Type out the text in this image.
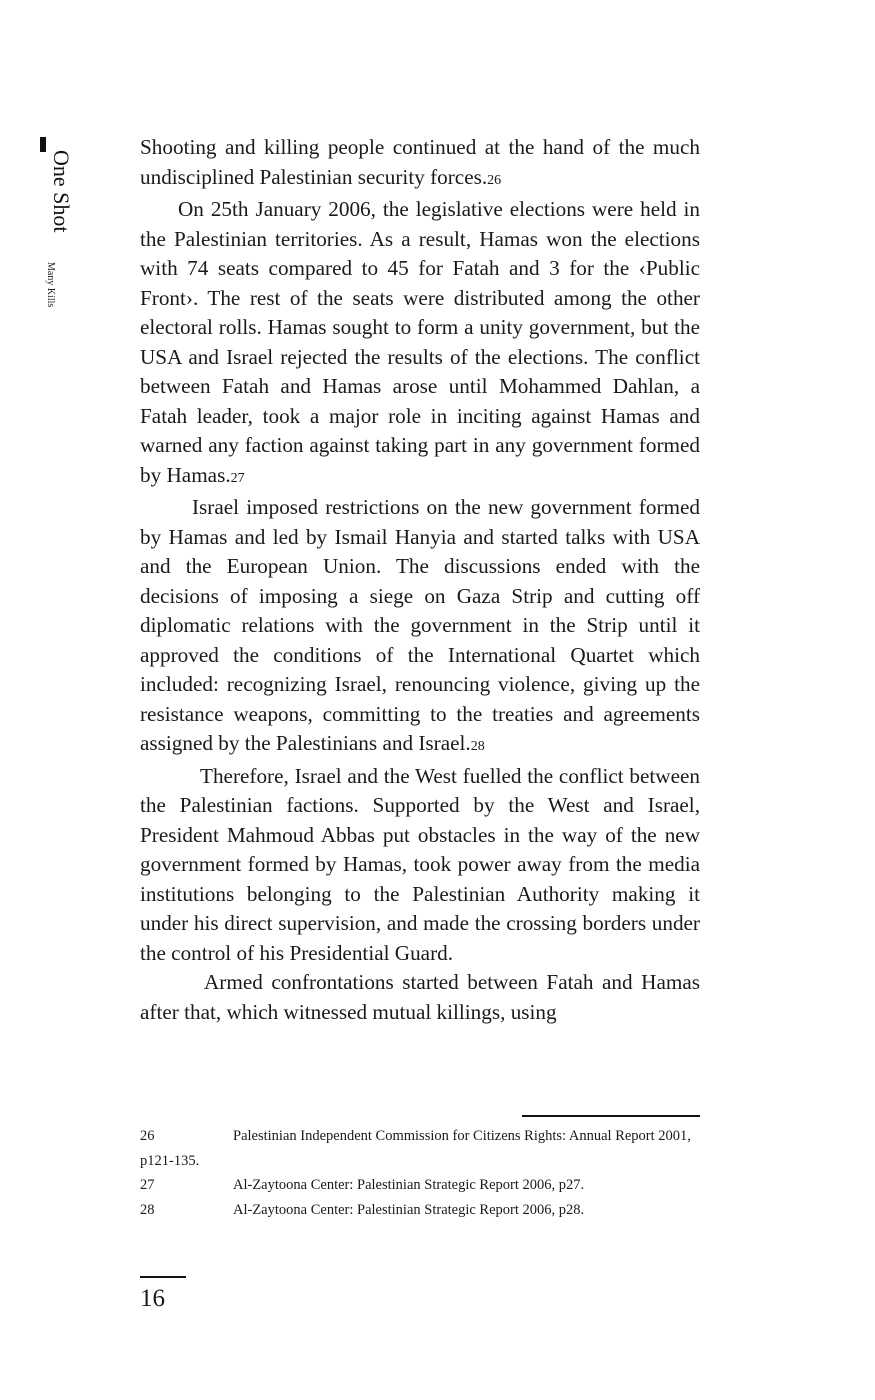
One Shot
Many Kills

Shooting and killing people continued at the hand of the much undisciplined Palestinian security forces.26

On 25th January 2006, the legislative elections were held in the Palestinian territories. As a result, Hamas won the elections with 74 seats compared to 45 for Fatah and 3 for the ‹Public Front›. The rest of the seats were distributed among the other electoral rolls. Hamas sought to form a unity government, but the USA and Israel rejected the results of the elections. The conflict between Fatah and Hamas arose until Mohammed Dahlan, a Fatah leader, took a major role in inciting against Hamas and warned any faction against taking part in any government formed by Hamas.27

Israel imposed restrictions on the new government formed by Hamas and led by Ismail Hanyia and started talks with USA and the European Union. The discussions ended with the decisions of imposing a siege on Gaza Strip and cutting off diplomatic relations with the government in the Strip until it approved the conditions of the International Quartet which included: recognizing Israel, renouncing violence, giving up the resistance weapons, committing to the treaties and agreements assigned by the Palestinians and Israel.28

Therefore, Israel and the West fuelled the conflict between the Palestinian factions. Supported by the West and Israel, President Mahmoud Abbas put obstacles in the way of the new government formed by Hamas, took power away from the media institutions belonging to the Palestinian Authority making it under his direct supervision, and made the crossing borders under the control of his Presidential Guard.

Armed confrontations started between Fatah and Hamas after that, which witnessed mutual killings, using

26	Palestinian Independent Commission for Citizens Rights: Annual Report 2001, p121-135.
27	Al-Zaytoona Center: Palestinian Strategic Report 2006, p27.
28	Al-Zaytoona Center: Palestinian Strategic Report 2006, p28.
16
